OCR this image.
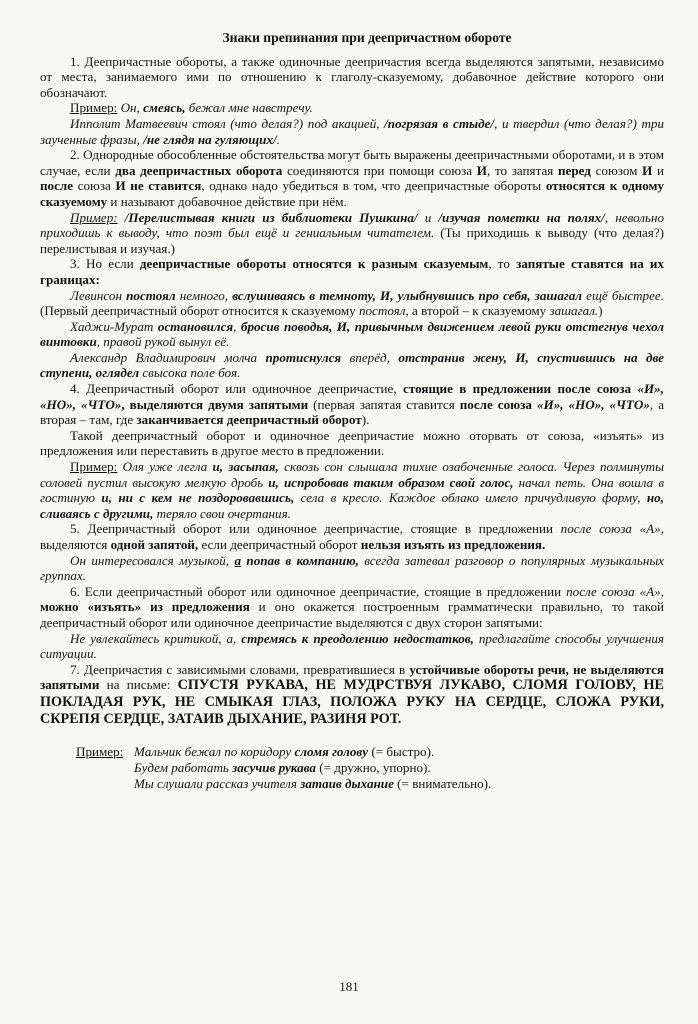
Знаки препинания при деепричастном обороте

1. Деепричастные обороты, а также одиночные деепричастия всегда выделяются запятыми, независимо от места, занимаемого ими по отношению к глаголу-сказуемому, добавочное действие которого они обозначают.

Пример: Он, смеясь, бежал мне навстречу.

Ипполит Матвеевич стоял (что делая?) под акацией, /погрязая в стыде/, и твердил (что делая?) три заученные фразы, /не глядя на гуляющих/.

2. Однородные обособленные обстоятельства могут быть выражены деепричастными оборотами, и в этом случае, если два деепричастных оборота соединяются при помощи союза И, то запятая перед союзом И и после союза И не ставится, однако надо убедиться в том, что деепричастные обороты относятся к одному сказуемому и называют добавочное действие при нём.

Пример: /Перелистывая книги из библиотеки Пушкина/ и /изучая пометки на полях/, невольно приходишь к выводу, что поэт был ещё и гениальным читателем. (Ты приходишь к выводу (что делая?) перелистывая и изучая.)

3. Но если деепричастные обороты относятся к разным сказуемым, то запятые ставятся на их границах:

Левинсон постоял немного, вслушиваясь в темноту, И, улыбнувшись про себя, зашагал ещё быстрее. (Первый деепричастный оборот относится к сказуемому постоял, а второй – к сказуемому зашагал.)

Хаджи-Мурат остановился, бросив поводья, И, привычным движением левой руки отстегнув чехол винтовки, правой рукой вынул её.

Александр Владимирович молча протиснулся вперёд, отстранив жену, И, спустившись на две ступени, оглядел свысока поле боя.

4. Деепричастный оборот или одиночное деепричастие, стоящие в предложении после союза «И», «НО», «ЧТО», выделяются двумя запятыми (первая запятая ставится после союза «И», «НО», «ЧТО», а вторая – там, где заканчивается деепричастный оборот).

Такой деепричастный оборот и одиночное деепричастие можно оторвать от союза, «изъять» из предложения или переставить в другое место в предложении.

Пример: Оля уже легла и, засыпая, сквозь сон слышала тихие озабоченные голоса. Через полминуты соловей пустил высокую мелкую дробь и, испробовав таким образом свой голос, начал петь. Она вошла в гостиную и, ни с кем не поздоровавшись, села в кресло. Каждое облако имело причудливую форму, но, сливаясь с другими, теряло свои очертания.

5. Деепричастный оборот или одиночное деепричастие, стоящие в предложении после союза «А», выделяются одной запятой, если деепричастный оборот нельзя изъять из предложения.

Он интересовался музыкой, а попав в компанию, всегда затевал разговор о популярных музыкальных группах.

6. Если деепричастный оборот или одиночное деепричастие, стоящие в предложении после союза «А», можно «изъять» из предложения и оно окажется построенным грамматически правильно, то такой деепричастный оборот или одиночное деепричастие выделяются с двух сторон запятыми:

Не увлекайтесь критикой, а, стремясь к преодолению недостатков, предлагайте способы улучшения ситуации.

7. Деепричастия с зависимыми словами, превратившиеся в устойчивые обороты речи, не выделяются запятыми на письме: СПУСТЯ РУКАВА, НЕ МУДРСТВУЯ ЛУКАВО, СЛОМЯ ГОЛОВУ, НЕ ПОКЛАДАЯ РУК, НЕ СМЫКАЯ ГЛАЗ, ПОЛОЖА РУКУ НА СЕРДЦЕ, СЛОЖА РУКИ, СКРЕПЯ СЕРДЦЕ, ЗАТАИВ ДЫХАНИЕ, РАЗИНЯ РОТ.

Пример: Мальчик бежал по коридору сломя голову (= быстро).
Будем работать засучив рукава (= дружно, упорно).
Мы слушали рассказ учителя затаив дыхание (= внимательно).
181
